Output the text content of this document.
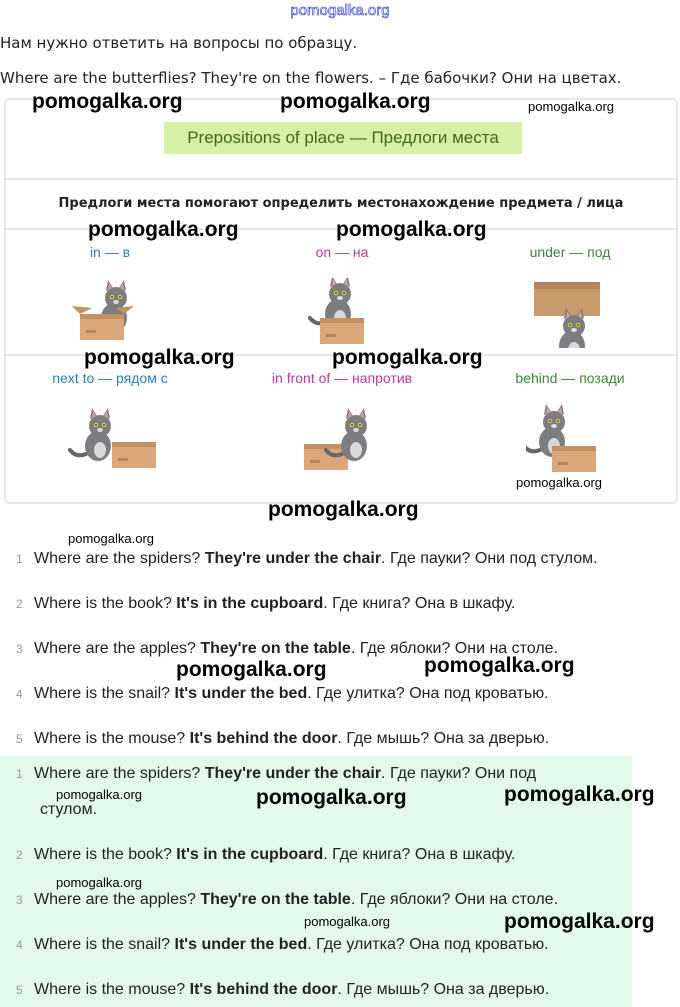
pomogalka.org
Нам нужно ответить на вопросы по образцу.
Where are the butterflies? They're on the flowers. – Где бабочки? Они на цветах.
Prepositions of place — Предлоги места
Предлоги места помогают определить местонахождение предмета / лица
in — в	on — на	under — под
next to — рядом с	in front of — напротив	behind — позади
1 Where are the spiders? They're under the chair. Где пауки? Они под стулом.
2 Where is the book? It's in the cupboard. Где книга? Она в шкафу.
3 Where are the apples? They're on the table. Где яблоки? Они на столе.
4 Where is the snail? It's under the bed. Где улитка? Она под кроватью.
5 Where is the mouse? It's behind the door. Где мышь? Она за дверью.
1 Where are the spiders? They're under the chair. Где пауки? Они под
стулом.
2 Where is the book? It's in the cupboard. Где книга? Она в шкафу.
3 Where are the apples? They're on the table. Где яблоки? Они на столе.
4 Where is the snail? It's under the bed. Где улитка? Она под кроватью.
5 Where is the mouse? It's behind the door. Где мышь? Она за дверью.
pomogalka.org	pomogalka.org	pomogalka.org
pomogalka.org	pomogalka.org
pomogalka.org	pomogalka.org
pomogalka.org
pomogalka.org
pomogalka.org
pomogalka.org	pomogalka.org
pomogalka.org	pomogalka.org	pomogalka.org
pomogalka.org
pomogalka.org	pomogalka.org
